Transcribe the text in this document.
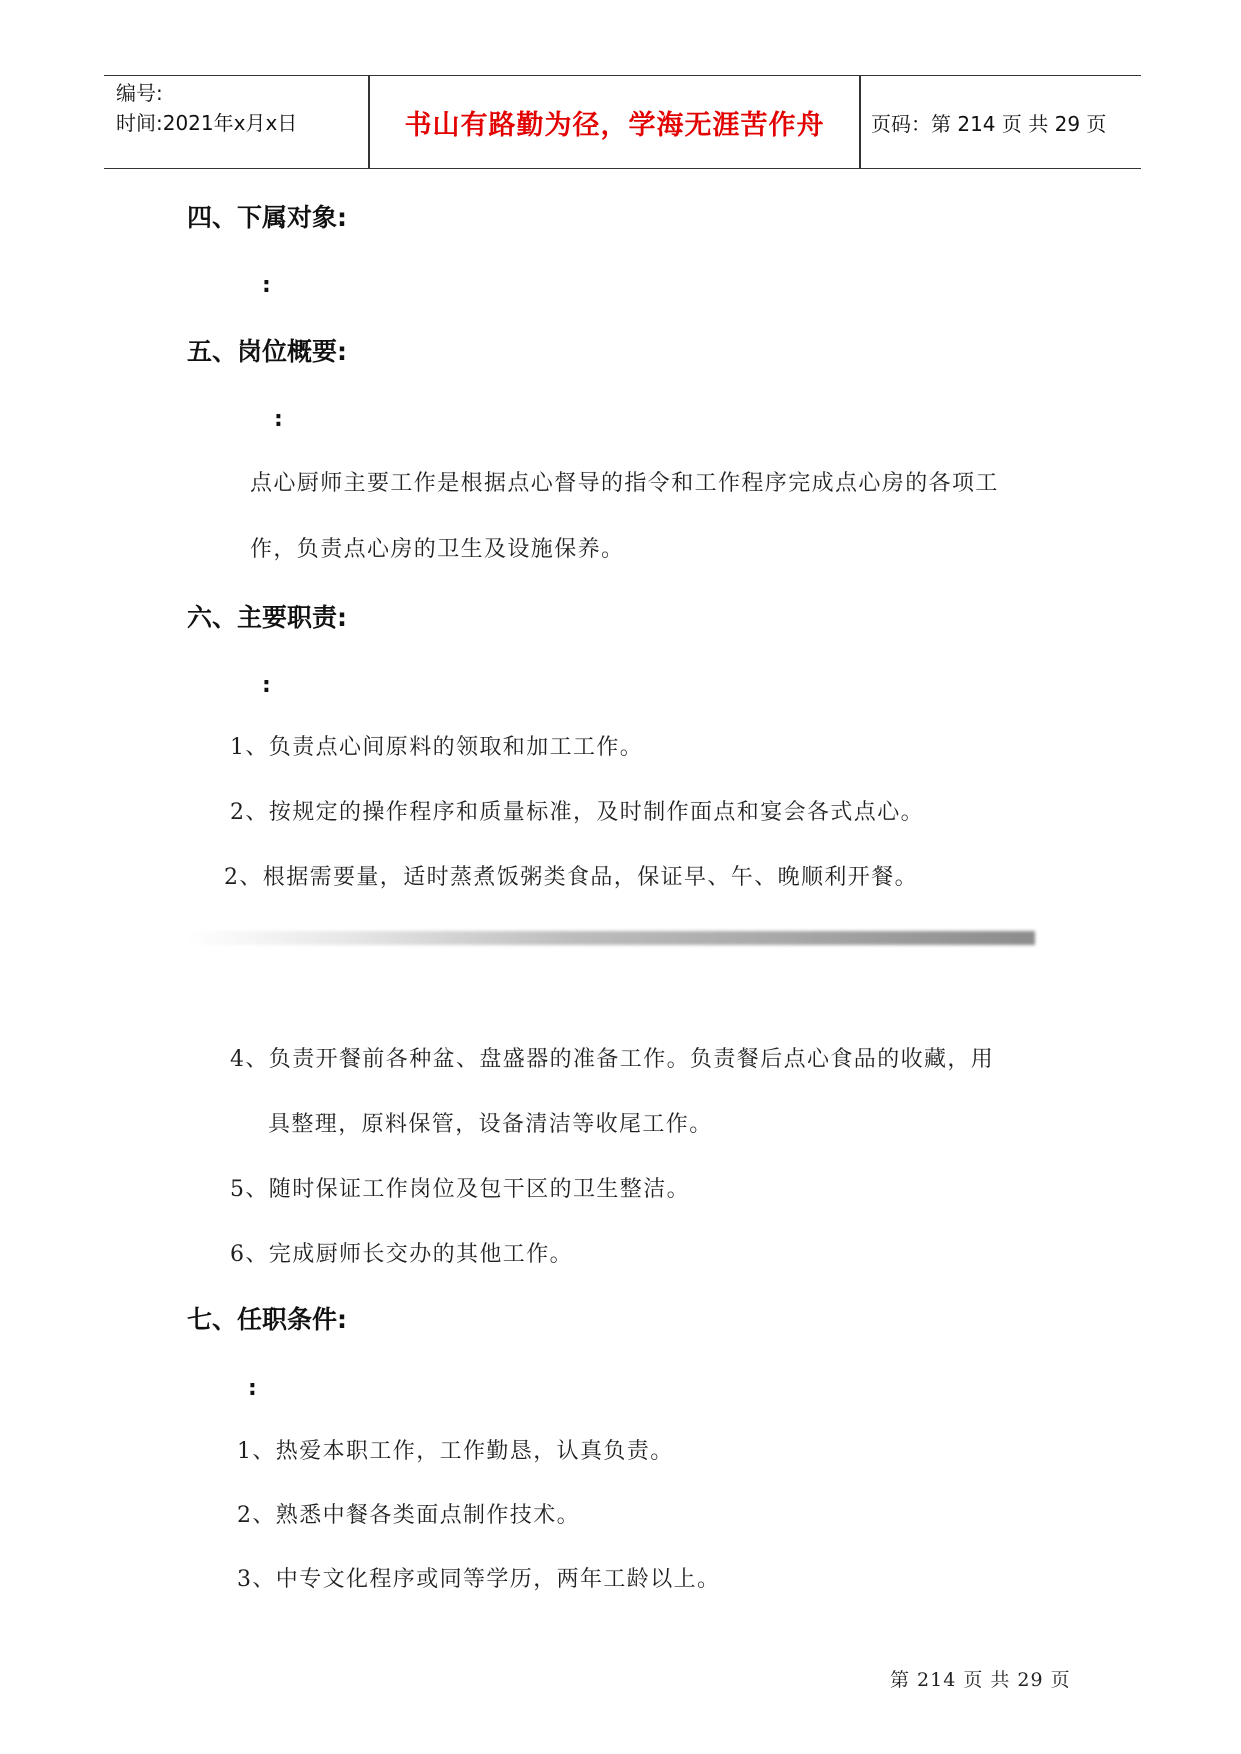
编号:
时间:2021年x月x日	书山有路勤为径，学海无涯苦作舟	页码：第 214 页 共 29 页
四、下属对象:
:
五、岗位概要:
:
点心厨师主要工作是根据点心督导的指令和工作程序完成点心房的各项工
作，负责点心房的卫生及设施保养。
六、主要职责:
:
1、负责点心间原料的领取和加工工作。
2、按规定的操作程序和质量标准，及时制作面点和宴会各式点心。
2、根据需要量，适时蒸煮饭粥类食品，保证早、午、晚顺利开餐。
4、负责开餐前各种盆、盘盛器的准备工作。负责餐后点心食品的收藏，用
具整理，原料保管，设备清洁等收尾工作。
5、随时保证工作岗位及包干区的卫生整洁。
6、完成厨师长交办的其他工作。
七、任职条件:
:
1、热爱本职工作，工作勤恳，认真负责。
2、熟悉中餐各类面点制作技术。
3、中专文化程序或同等学历，两年工龄以上。
第 214 页 共 29 页
